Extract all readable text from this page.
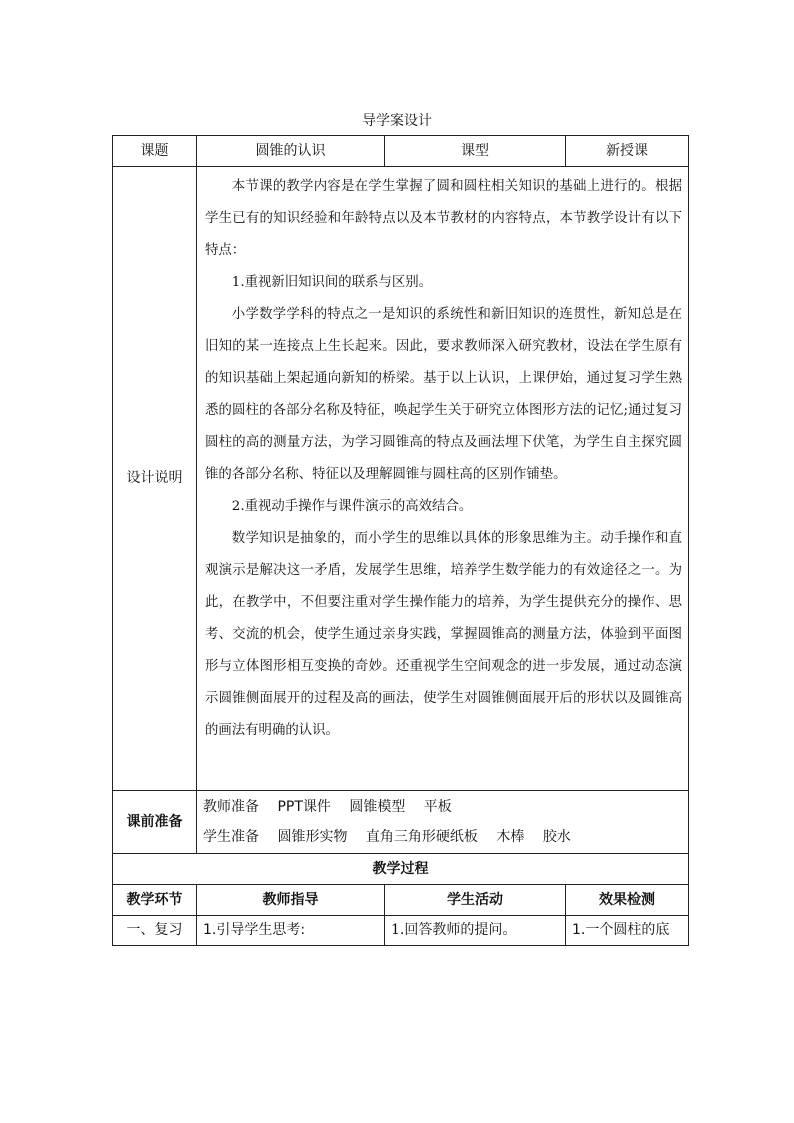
导学案设计
课题	圆锥的认识	课型	新授课
设计说明	本节课的教学内容是在学生掌握了圆和圆柱相关知识的基础上进行的。根据学生已有的知识经验和年龄特点以及本节教材的内容特点，本节教学设计有以下特点：

1.重视新旧知识间的联系与区别。

小学数学学科的特点之一是知识的系统性和新旧知识的连贯性，新知总是在旧知的某一连接点上生长起来。因此，要求教师深入研究教材，设法在学生原有的知识基础上架起通向新知的桥梁。基于以上认识，上课伊始，通过复习学生熟悉的圆柱的各部分名称及特征，唤起学生关于研究立体图形方法的记忆;通过复习圆柱的高的测量方法，为学习圆锥高的特点及画法埋下伏笔，为学生自主探究圆锥的各部分名称、特征以及理解圆锥与圆柱高的区别作铺垫。

2.重视动手操作与课件演示的高效结合。

数学知识是抽象的，而小学生的思维以具体的形象思维为主。动手操作和直观演示是解决这一矛盾，发展学生思维，培养学生数学能力的有效途径之一。为此，在教学中，不但要注重对学生操作能力的培养，为学生提供充分的操作、思考、交流的机会，使学生通过亲身实践，掌握圆锥高的测量方法，体验到平面图形与立体图形相互变换的奇妙。还重视学生空间观念的进一步发展，通过动态演示圆锥侧面展开的过程及高的画法，使学生对圆锥侧面展开后的形状以及圆锥高的画法有明确的认识。		

课前准备	教师准备 PPT课件 圆锥模型 平板
学生准备 圆锥形实物 直角三角形硬纸板 木棒 胶水		

教学过程			
教学环节	教师指导	学生活动	效果检测
一、复习	1.引导学生思考:	1.回答教师的提问。	1.一个圆柱的底
